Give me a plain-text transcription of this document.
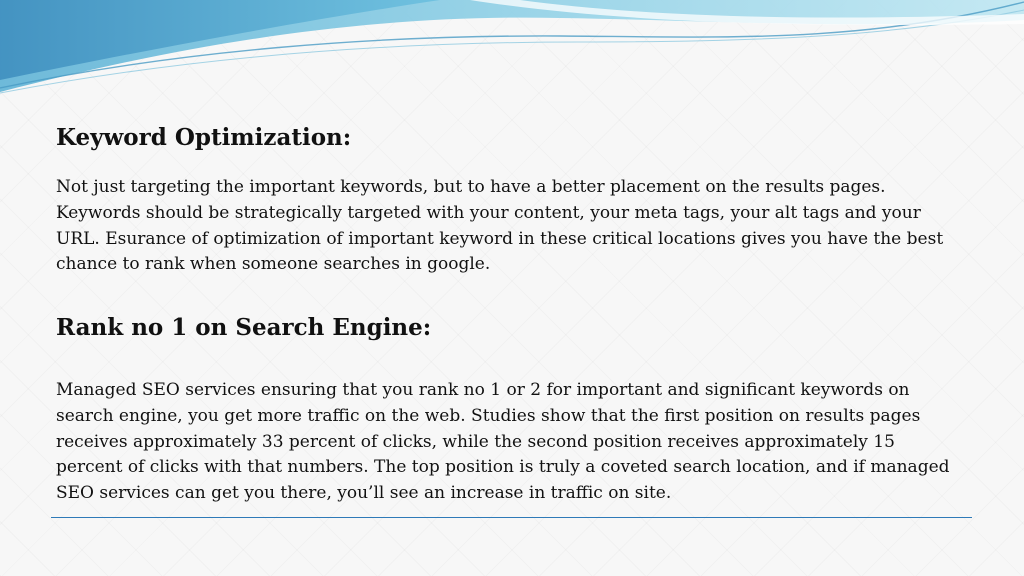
Keyword Optimization:

Not just targeting the important keywords, but to have a better placement on the results pages. Keywords should be strategically targeted with your content, your meta tags, your alt tags and your URL. Esurance of optimization of important keyword in these critical locations gives you have the best chance to rank when someone searches in google.

Rank no 1 on Search Engine:

Managed SEO services ensuring that you rank no 1 or 2 for important and significant keywords on search engine, you get more traffic on the web. Studies show that the first position on results pages receives approximately 33 percent of clicks, while the second position receives approximately 15 percent of clicks with that numbers. The top position is truly a coveted search location, and if managed SEO services can get you there, you’ll see an increase in traffic on site.
